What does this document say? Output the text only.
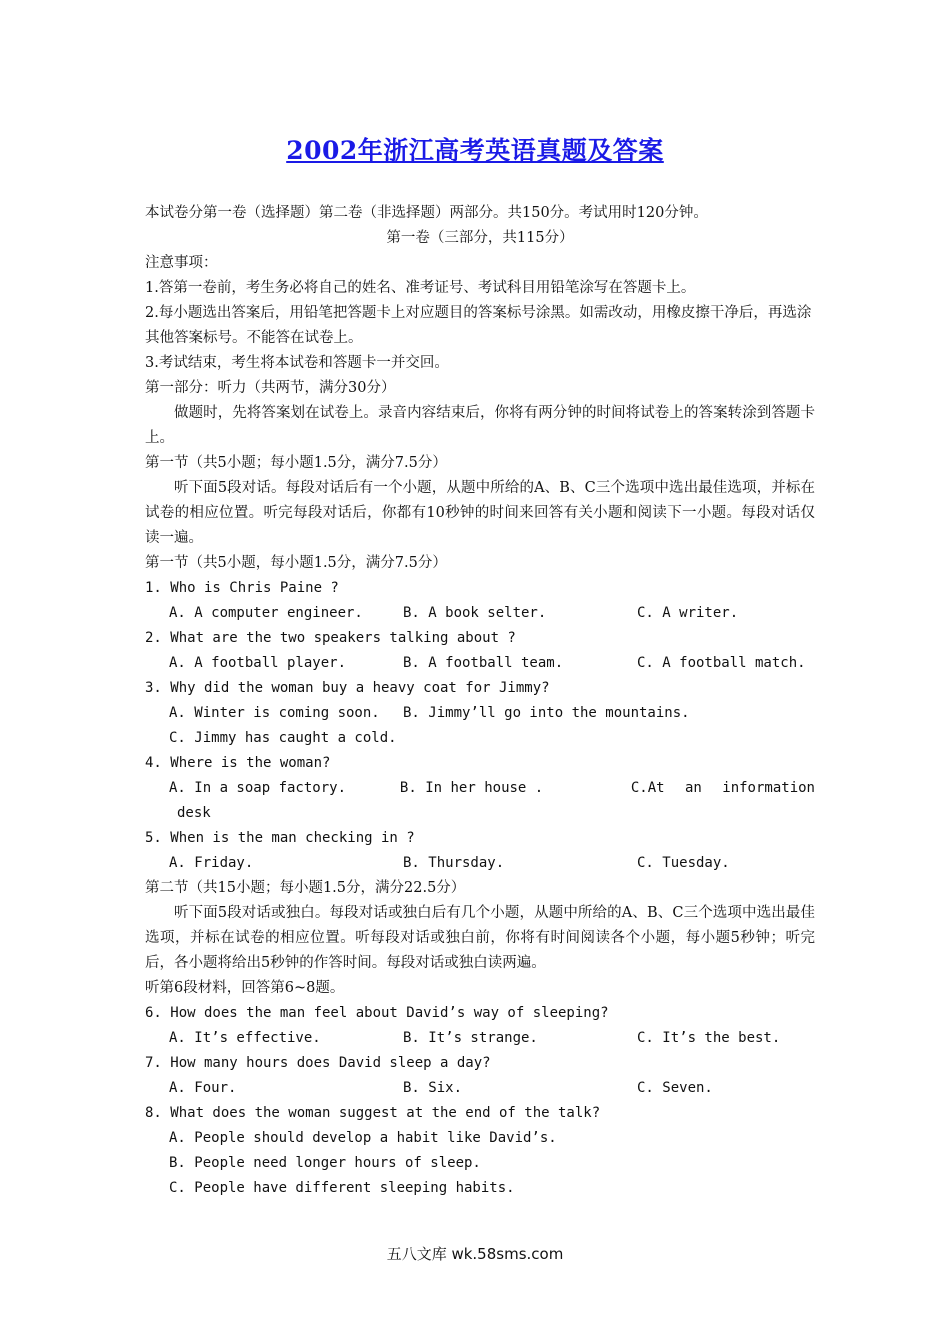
2002年浙江高考英语真题及答案
本试卷分第一卷（选择题）第二卷（非选择题）两部分。共150分。考试用时120分钟。
第一卷（三部分，共115分）
注意事项：
1.答第一卷前，考生务必将自己的姓名、准考证号、考试科目用铅笔涂写在答题卡上。
2.每小题选出答案后，用铅笔把答题卡上对应题目的答案标号涂黑。如需改动，用橡皮擦干净后，再选涂其他答案标号。不能答在试卷上。
3.考试结束，考生将本试卷和答题卡一并交回。
第一部分：听力（共两节，满分30分）
做题时，先将答案划在试卷上。录音内容结束后，你将有两分钟的时间将试卷上的答案转涂到答题卡上。
第一节（共5小题；每小题1.5分，满分7.5分）
听下面5段对话。每段对话后有一个小题，从题中所给的A、B、C三个选项中选出最佳选项，并标在试卷的相应位置。听完每段对话后，你都有10秒钟的时间来回答有关小题和阅读下一小题。每段对话仅读一遍。
第一节（共5小题，每小题1.5分，满分7.5分）
1. Who is Chris Paine ?
A. A computer engineer.	B. A book selter.	C. A writer.
2. What are the two speakers talking about ?
A. A football player.	B. A football team.	C. A football match.
3. Why did the woman buy a heavy coat for Jimmy?
A. Winter is coming soon.	B. Jimmy’ll go into the mountains.
C. Jimmy has caught a cold.
4. Where is the woman?
A. In a soap factory.	B. In her house .	C.At an information
desk
5. When is the man checking in ?
A. Friday.	B. Thursday.	C. Tuesday.
第二节（共15小题；每小题1.5分，满分22.5分）
听下面5段对话或独白。每段对话或独白后有几个小题，从题中所给的A、B、C三个选项中选出最佳选项，并标在试卷的相应位置。听每段对话或独白前，你将有时间阅读各个小题，每小题5秒钟；听完后，各小题将给出5秒钟的作答时间。每段对话或独白读两遍。
听第6段材料，回答第6~8题。
6. How does the man feel about David’s way of sleeping?
A. It’s effective.	B. It’s strange.	C. It’s the best.
7. How many hours does David sleep a day?
A. Four.	B. Six.	C. Seven.
8. What does the woman suggest at the end of the talk?
A. People should develop a habit like David’s.
B. People need longer hours of sleep.
C. People have different sleeping habits.
五八文库 wk.58sms.com
